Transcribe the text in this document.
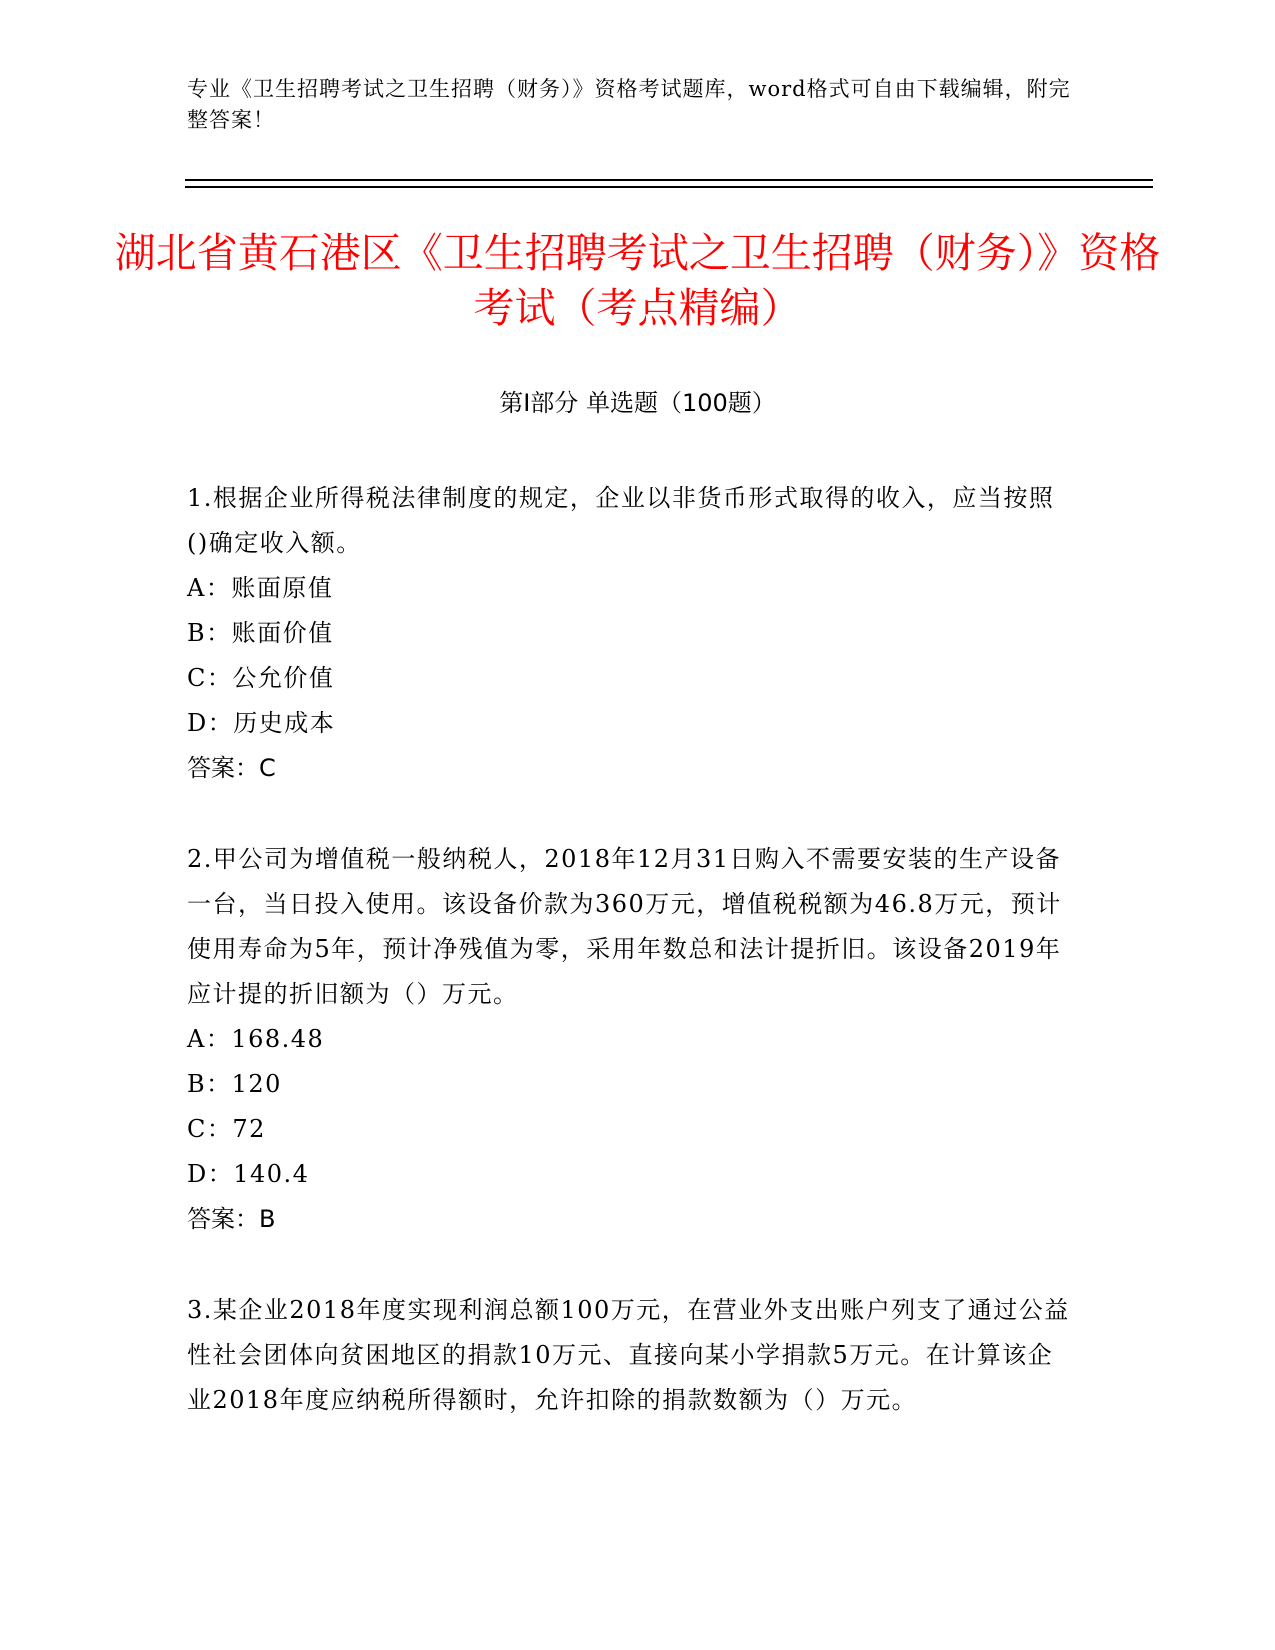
专业《卫生招聘考试之卫生招聘（财务）》资格考试题库，word格式可自由下载编辑，附完整答案！
湖北省黄石港区《卫生招聘考试之卫生招聘（财务）》资格考试（考点精编）
第Ⅰ部分 单选题（100题）

1.根据企业所得税法律制度的规定，企业以非货币形式取得的收入，应当按照()确定收入额。

A：账面原值

B：账面价值

C：公允价值

D：历史成本

答案：C

2.甲公司为增值税一般纳税人，2018年12月31日购入不需要安装的生产设备一台，当日投入使用。该设备价款为360万元，增值税税额为46.8万元，预计使用寿命为5年，预计净残值为零，采用年数总和法计提折旧。该设备2019年应计提的折旧额为（）万元。

A：168.48

B：120

C：72

D：140.4

答案：B

3.某企业2018年度实现利润总额100万元，在营业外支出账户列支了通过公益性社会团体向贫困地区的捐款10万元、直接向某小学捐款5万元。在计算该企业2018年度应纳税所得额时，允许扣除的捐款数额为（）万元。
